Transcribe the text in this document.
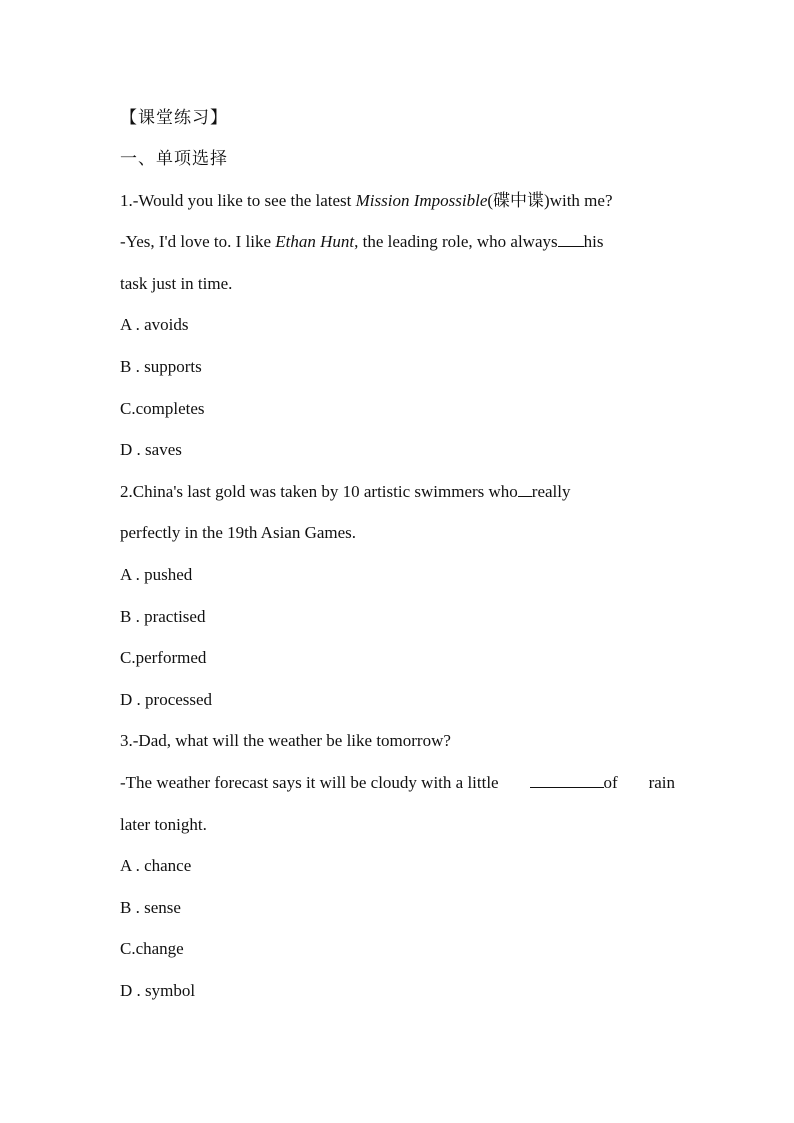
【课堂练习】
一、单项选择
1.-Would you like to see the latest Mission Impossible(碟中谍)with me?
-Yes, I'd love to. I like Ethan Hunt, the leading role, who always his
task just in time.
A . avoids
B . supports
C.completes
D . saves
2.China's last gold was taken by 10 artistic swimmers who really
perfectly in the 19th Asian Games.
A . pushed
B . practised
C.performed
D . processed
3.-Dad, what will the weather be like tomorrow?
-The weather forecast says it will be cloudy with a little	of rain
later tonight.
A . chance
B . sense
C.change
D . symbol
